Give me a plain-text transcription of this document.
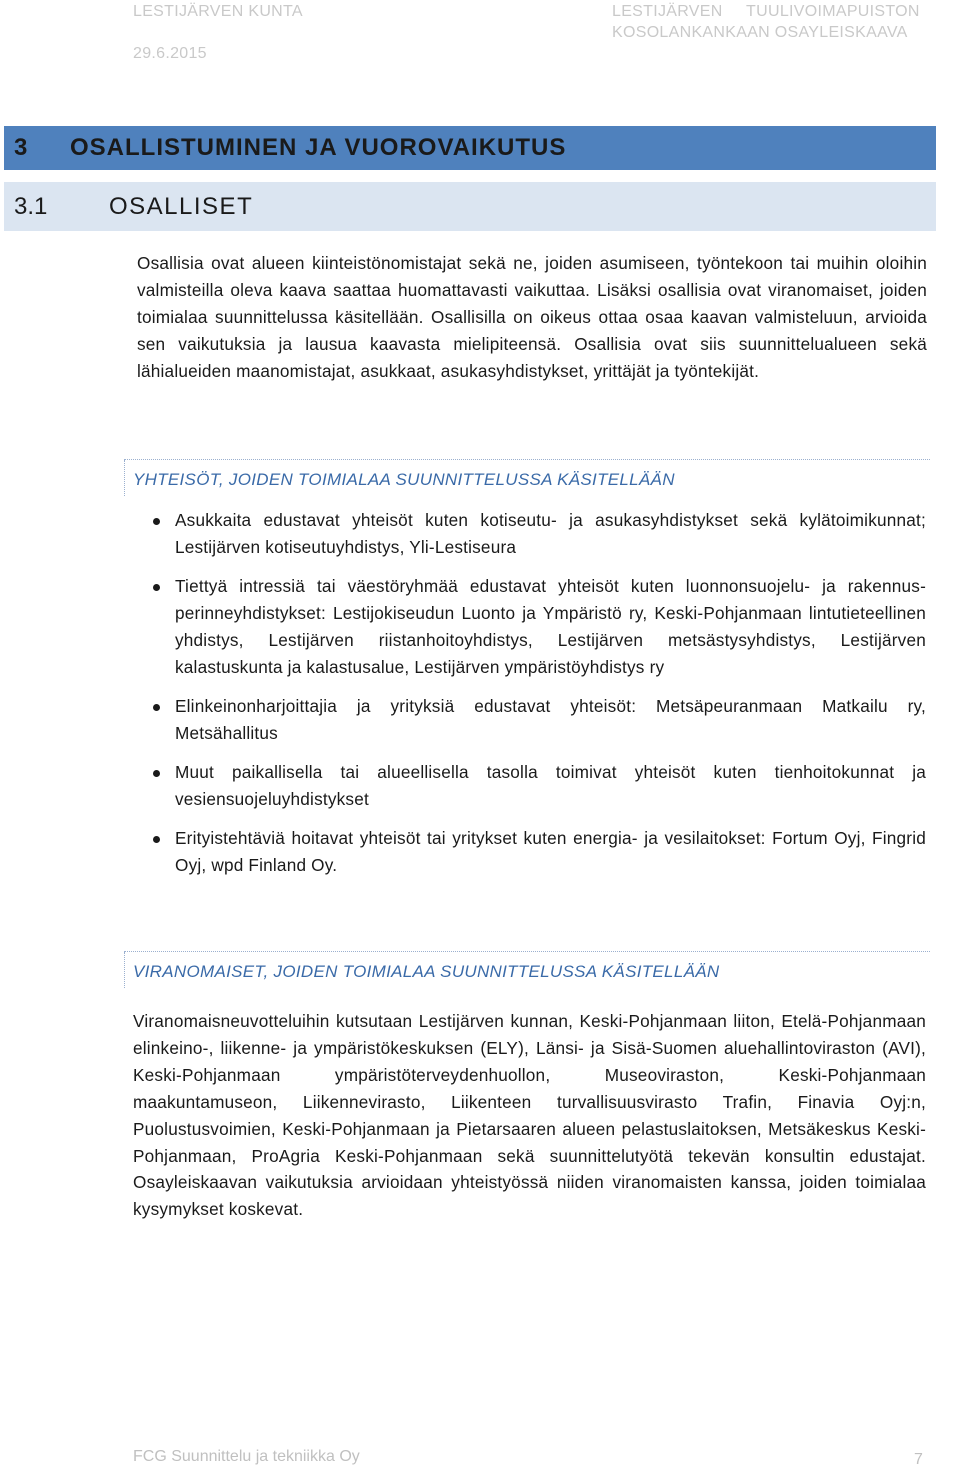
LESTIJÄRVEN KUNTA
29.6.2015
LESTIJÄRVEN     TUULIVOIMAPUISTON
KOSOLANKANKAAN OSAYLEISKAAVA
3	OSALLISTUMINEN JA VUOROVAIKUTUS
3.1	OSALLISET
Osallisia ovat alueen kiinteistönomistajat sekä ne, joiden asumiseen, työntekoon tai muihin oloihin valmisteilla oleva kaava saattaa huomattavasti vaikuttaa. Lisäksi osallisia ovat viranomaiset, joiden toimialaa suunnittelussa käsitellään. Osallisilla on oikeus ottaa osaa kaavan valmisteluun, arvioida sen vaikutuksia ja lausua kaavasta mielipiteensä. Osallisia ovat siis suunnittelualueen sekä lähialueiden maanomistajat, asukkaat, asukasyhdistykset, yrittäjät ja työntekijät.
YHTEISÖT, JOIDEN TOIMIALAA SUUNNITTELUSSA KÄSITELLÄÄN
Asukkaita edustavat yhteisöt kuten kotiseutu- ja asukasyhdistykset sekä kylätoimikunnat; Lestijärven kotiseutuyhdistys, Yli-Lestiseura
Tiettyä intressiä tai väestöryhmää edustavat yhteisöt kuten luonnonsuojelu- ja rakennus-perinneyhdistykset: Lestijokiseudun Luonto ja Ympäristö ry, Keski-Pohjanmaan lintutieteellinen yhdistys, Lestijärven riistanhoitoyhdistys, Lestijärven metsästysyhdistys, Lestijärven kalastuskunta ja kalastusalue, Lestijärven ympäristöyhdistys ry
Elinkeinonharjoittajia ja yrityksiä edustavat yhteisöt: Metsäpeuranmaan Matkailu ry, Metsähallitus
Muut paikallisella tai alueellisella tasolla toimivat yhteisöt kuten tienhoitokunnat ja vesiensuojeluyhdistykset
Erityistehtäviä hoitavat yhteisöt tai yritykset kuten energia- ja vesilaitokset: Fortum Oyj, Fingrid Oyj, wpd Finland Oy.
VIRANOMAISET, JOIDEN TOIMIALAA SUUNNITTELUSSA KÄSITELLÄÄN
Viranomaisneuvotteluihin kutsutaan Lestijärven kunnan, Keski-Pohjanmaan liiton, Etelä-Pohjanmaan elinkeino-, liikenne- ja ympäristökeskuksen (ELY), Länsi- ja Sisä-Suomen aluehallintoviraston (AVI), Keski-Pohjanmaan ympäristöterveydenhuollon, Museoviraston, Keski-Pohjanmaan maakuntamuseon, Liikennevirasto, Liikenteen turvallisuusvirasto Trafin, Finavia Oyj:n, Puolustusvoimien, Keski-Pohjanmaan ja Pietarsaaren alueen pelastuslaitoksen, Metsäkeskus Keski-Pohjanmaan, ProAgria Keski-Pohjanmaan sekä suunnittelutyötä tekevän konsultin edustajat. Osayleiskaavan vaikutuksia arvioidaan yhteistyössä niiden viranomaisten kanssa, joiden toimialaa kysymykset koskevat.
FCG Suunnittelu ja tekniikka Oy	7
